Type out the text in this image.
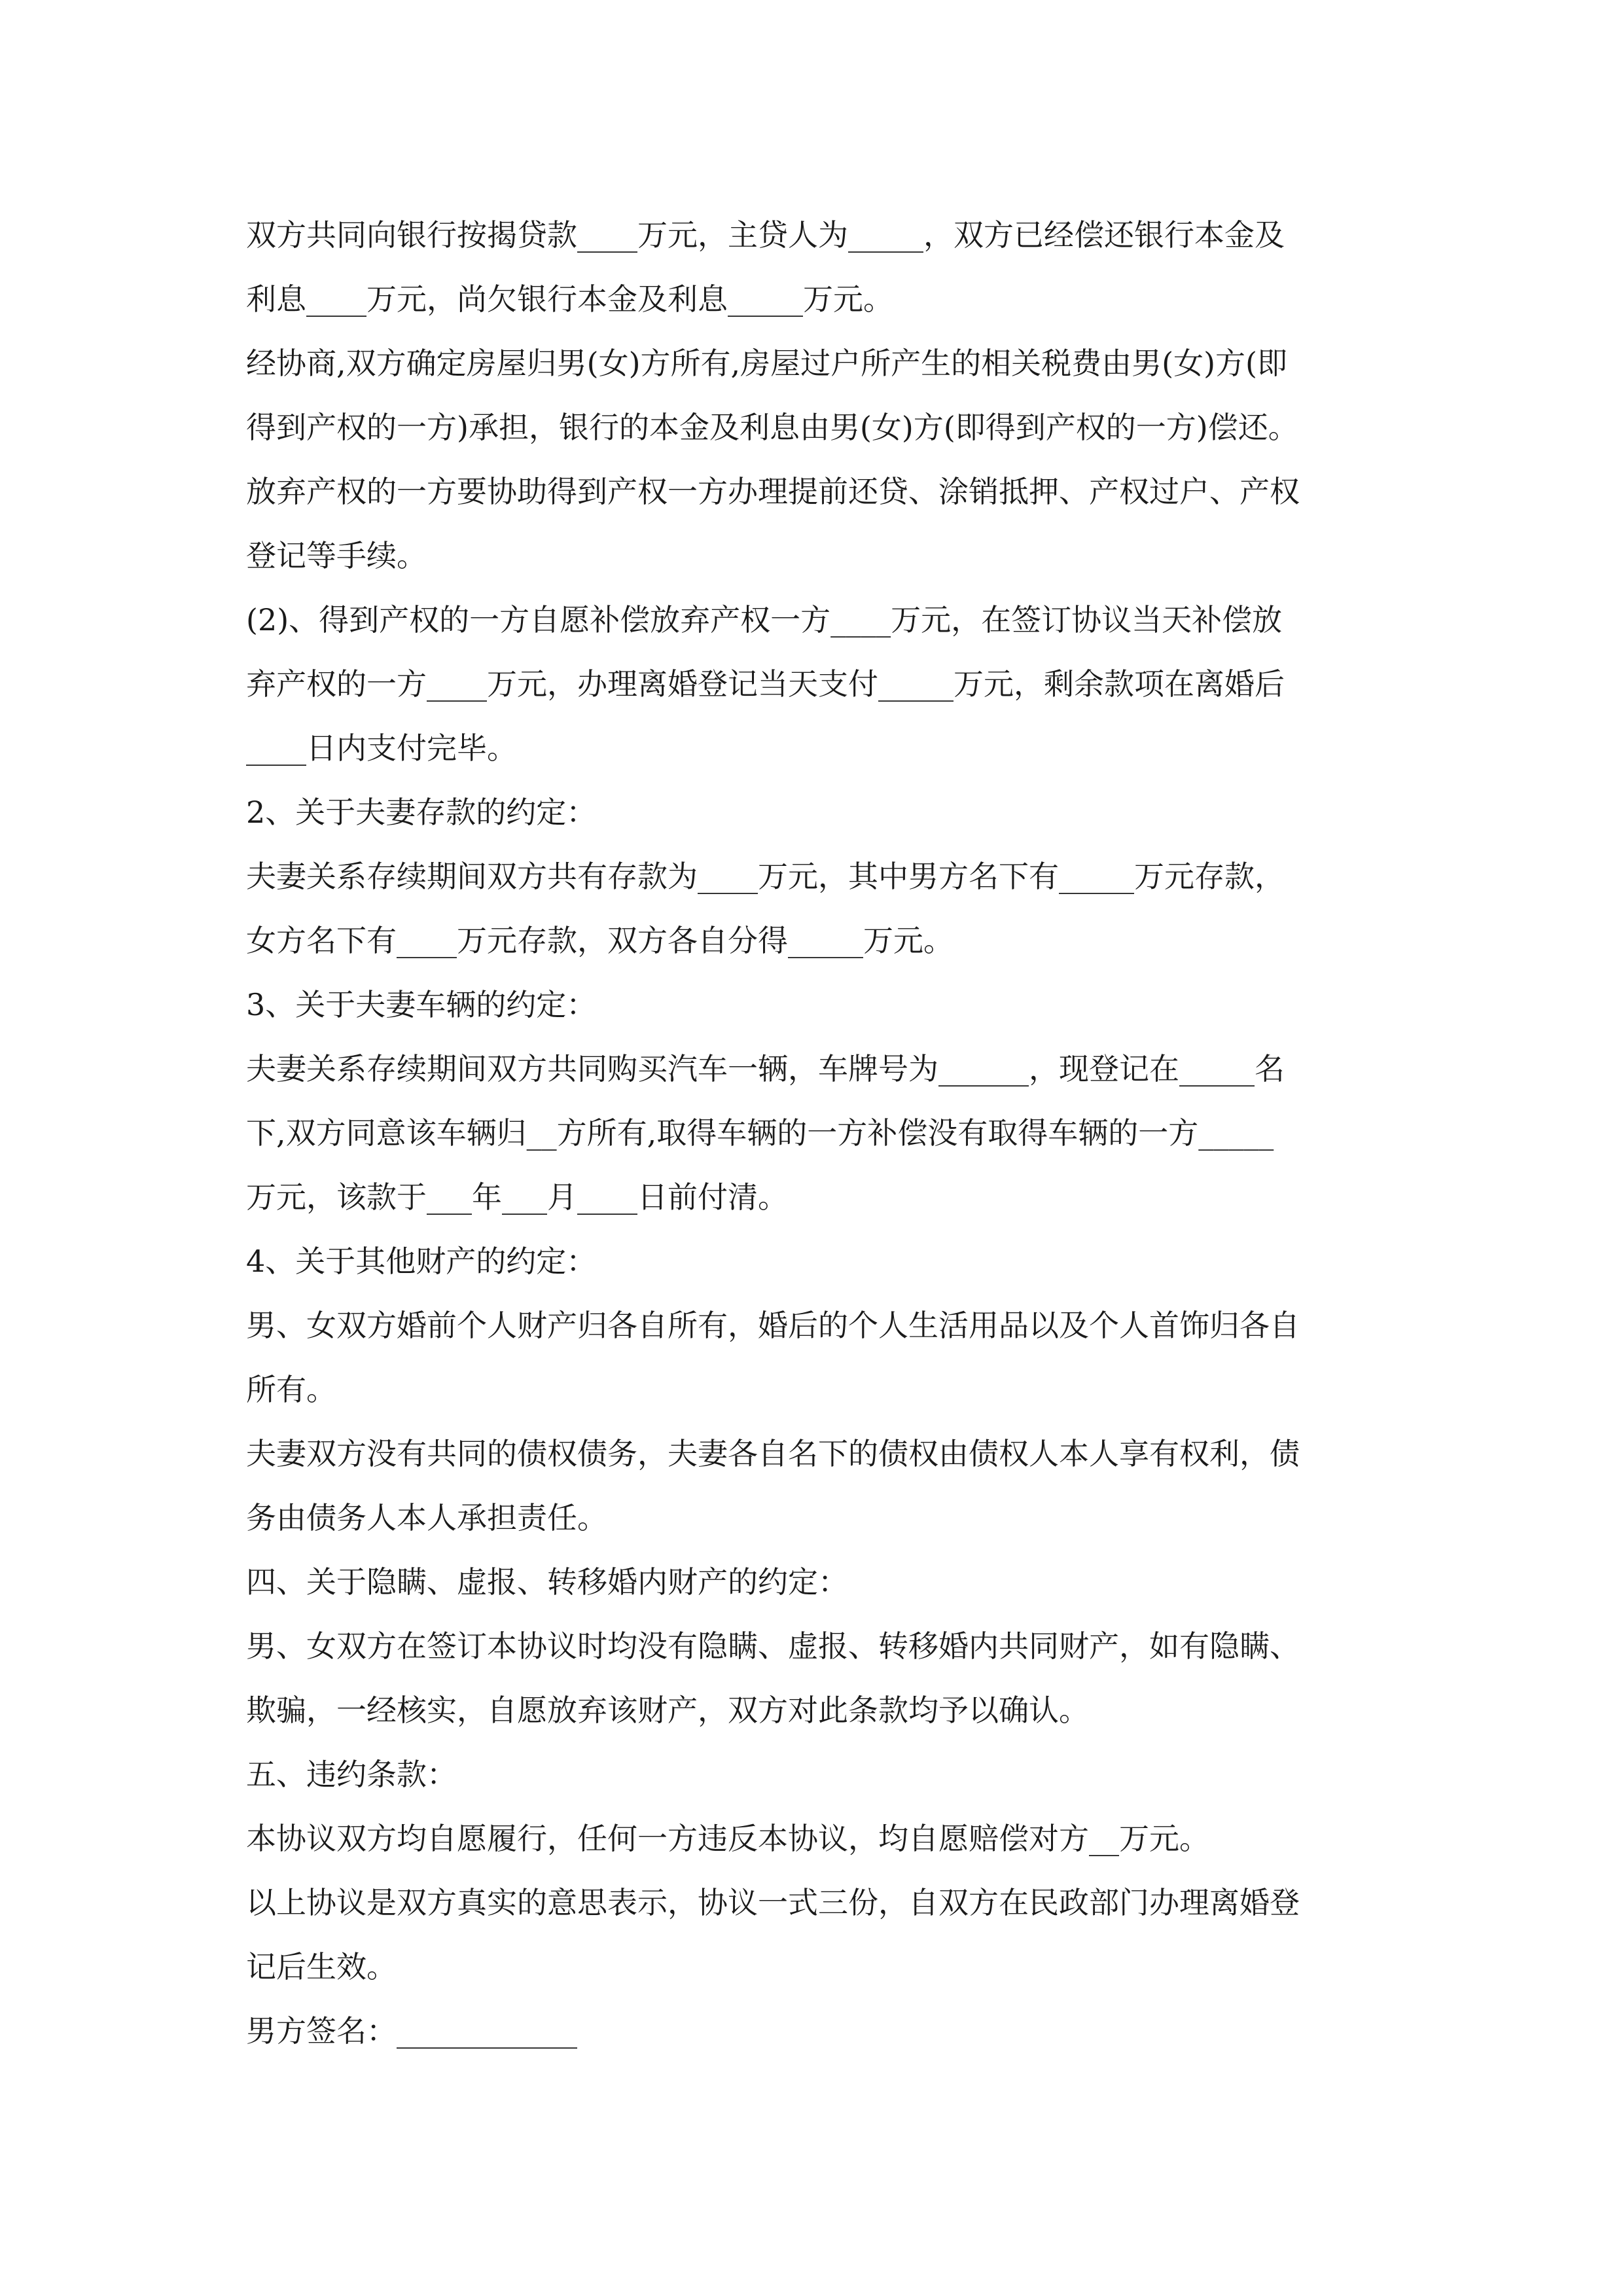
双方共同向银行按揭贷款____万元，主贷人为_____，双方已经偿还银行本金及
利息____万元，尚欠银行本金及利息_____万元。
经协商,双方确定房屋归男(女)方所有,房屋过户所产生的相关税费由男(女)方(即
得到产权的一方)承担，银行的本金及利息由男(女)方(即得到产权的一方)偿还。
放弃产权的一方要协助得到产权一方办理提前还贷、涂销抵押、产权过户、产权
登记等手续。
(2)、得到产权的一方自愿补偿放弃产权一方____万元，在签订协议当天补偿放
弃产权的一方____万元，办理离婚登记当天支付_____万元，剩余款项在离婚后
____日内支付完毕。
2、关于夫妻存款的约定：
夫妻关系存续期间双方共有存款为____万元，其中男方名下有_____万元存款，
女方名下有____万元存款，双方各自分得_____万元。
3、关于夫妻车辆的约定：
夫妻关系存续期间双方共同购买汽车一辆，车牌号为______，现登记在_____名
下,双方同意该车辆归__方所有,取得车辆的一方补偿没有取得车辆的一方_____
万元，该款于___年___月____日前付清。
4、关于其他财产的约定：
男、女双方婚前个人财产归各自所有，婚后的个人生活用品以及个人首饰归各自
所有。
夫妻双方没有共同的债权债务，夫妻各自名下的债权由债权人本人享有权利，债
务由债务人本人承担责任。
四、关于隐瞒、虚报、转移婚内财产的约定：
男、女双方在签订本协议时均没有隐瞒、虚报、转移婚内共同财产，如有隐瞒、
欺骗，一经核实，自愿放弃该财产，双方对此条款均予以确认。
五、违约条款：
本协议双方均自愿履行，任何一方违反本协议，均自愿赔偿对方__万元。
以上协议是双方真实的意思表示，协议一式三份，自双方在民政部门办理离婚登
记后生效。
男方签名：____________
